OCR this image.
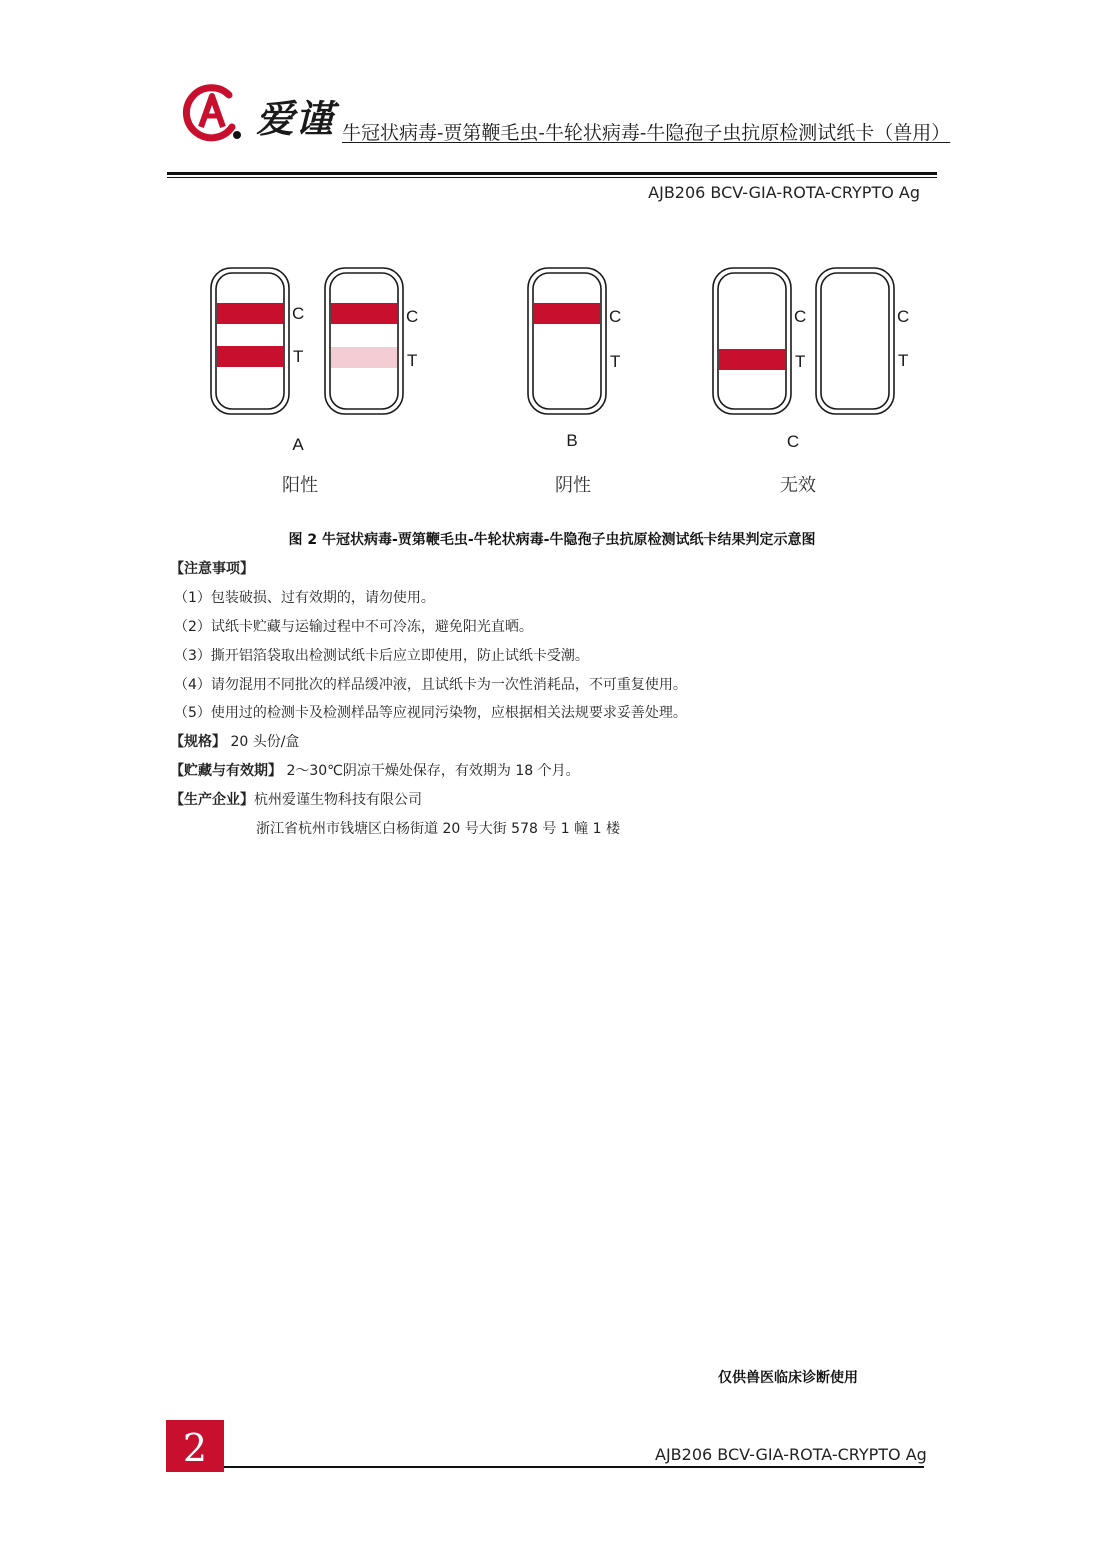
爱谨 牛冠状病毒-贾第鞭毛虫-牛轮状病毒-牛隐孢子虫抗原检测试纸卡（兽用）
AJB206 BCV-GIA-ROTA-CRYPTO Ag
C
T
C
T
C
T
C
T
C
T
A	B	C
阳性	阴性	无效
图 2 牛冠状病毒-贾第鞭毛虫-牛轮状病毒-牛隐孢子虫抗原检测试纸卡结果判定示意图
【注意事项】
（1）包装破损、过有效期的，请勿使用。
（2）试纸卡贮藏与运输过程中不可冷冻，避免阳光直晒。
（3）撕开铝箔袋取出检测试纸卡后应立即使用，防止试纸卡受潮。
（4）请勿混用不同批次的样品缓冲液，且试纸卡为一次性消耗品，不可重复使用。
（5）使用过的检测卡及检测样品等应视同污染物，应根据相关法规要求妥善处理。
【规格】 20 头份/盒
【贮藏与有效期】 2～30℃阴凉干燥处保存，有效期为 18 个月。
【生产企业】杭州爱谨生物科技有限公司
浙江省杭州市钱塘区白杨街道 20 号大街 578 号 1 幢 1 楼
仅供兽医临床诊断使用
2	AJB206 BCV-GIA-ROTA-CRYPTO Ag
